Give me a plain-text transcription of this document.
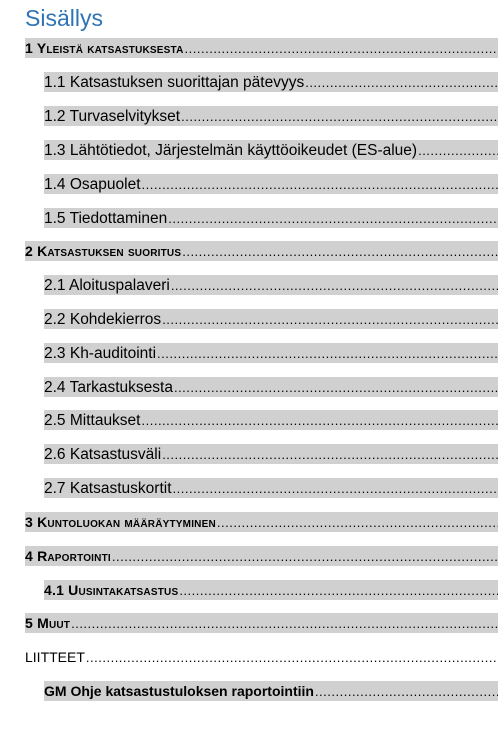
Sisällys
1 Yleistä katsastuksesta
.....
1.1 Katsastuksen suorittajan pätevyys
.....
1.2 Turvaselvitykset
.....
1.3 Lähtötiedot, Järjestelmän käyttöoikeudet (ES-alue)
.....
1.4 Osapuolet
.....
1.5 Tiedottaminen
.....
2 Katsastuksen suoritus
.....
2.1 Aloituspalaveri
.....
2.2 Kohdekierros
.....
2.3 Kh-auditointi
.....
2.4 Tarkastuksesta
.....
2.5 Mittaukset
.....
2.6 Katsastusväli
.....
2.7 Katsastuskortit
.....
3 Kuntoluokan määräytyminen
.....
4 Raportointi
.....
4.1 Uusintakatsastus
.....
5 Muut
.....
LIITTEET
.....
GM Ohje katsastustuloksen raportointiin
.....
